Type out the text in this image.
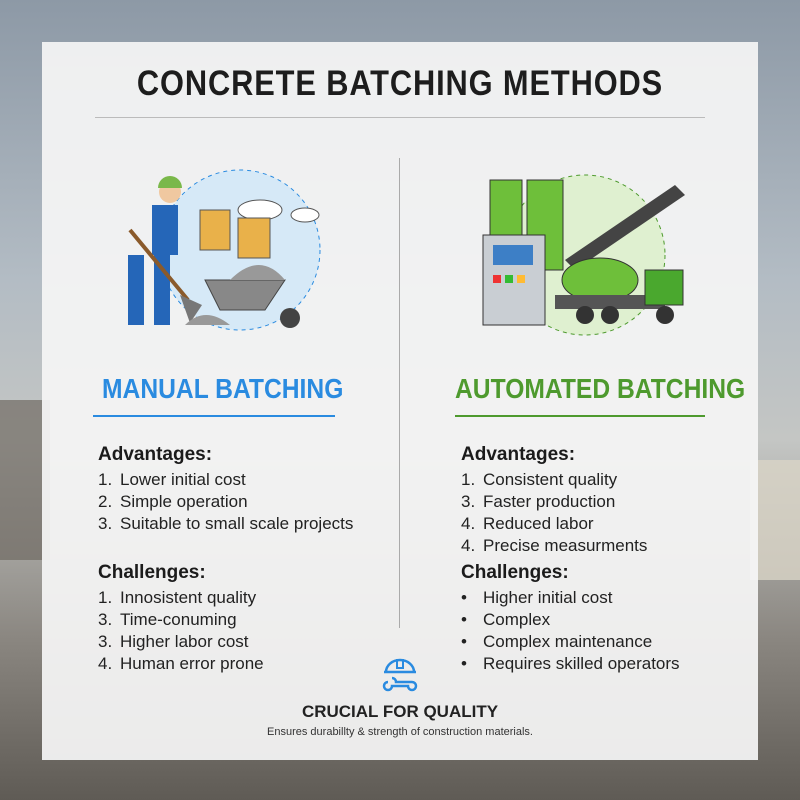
CONCRETE BATCHING METHODS
MANUAL BATCHING	AUTOMATED BATCHING
Advantages:
1. Lower initial cost
2. Simple operation
3. Suitable to small scale projects
Challenges:
1. Innosistent quality
3. Time-conuming
3. Higher labor cost
4. Human error prone
Advantages:
1. Consistent quality
3. Faster production
4. Reduced labor
4. Precise measurments
Challenges:
• Higher initial cost
• Complex
• Complex maintenance
• Requires skilled operators
CRUCIAL FOR QUALITY
Ensures durabillty & strength of construction materials.
